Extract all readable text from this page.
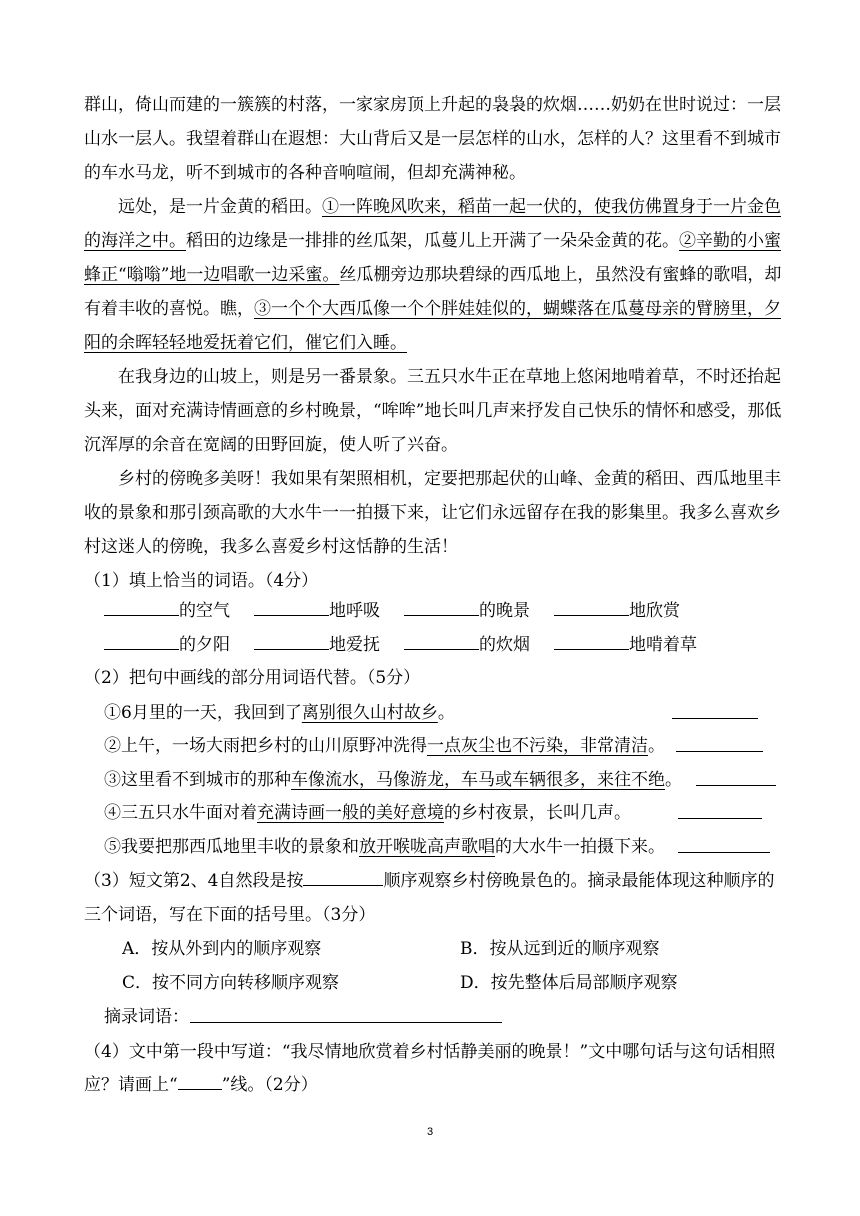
群山，倚山而建的一簇簇的村落，一家家房顶上升起的袅袅的炊烟……奶奶在世时说过：一层山水一层人。我望着群山在遐想：大山背后又是一层怎样的山水，怎样的人？这里看不到城市的车水马龙，听不到城市的各种音响喧闹，但却充满神秘。

远处，是一片金黄的稻田。①一阵晚风吹来，稻苗一起一伏的，使我仿佛置身于一片金色的海洋之中。稻田的边缘是一排排的丝瓜架，瓜蔓儿上开满了一朵朵金黄的花。②辛勤的小蜜蜂正“嗡嗡”地一边唱歌一边采蜜。丝瓜棚旁边那块碧绿的西瓜地上，虽然没有蜜蜂的歌唱，却有着丰收的喜悦。瞧，③一个个大西瓜像一个个胖娃娃似的，蝴蝶落在瓜蔓母亲的臂膀里，夕阳的余晖轻轻地爱抚着它们，催它们入睡。

在我身边的山坡上，则是另一番景象。三五只水牛正在草地上悠闲地啃着草，不时还抬起头来，面对充满诗情画意的乡村晚景，“哞哞”地长叫几声来抒发自己快乐的情怀和感受，那低沉浑厚的余音在宽阔的田野回旋，使人听了兴奋。

乡村的傍晚多美呀！我如果有架照相机，定要把那起伏的山峰、金黄的稻田、西瓜地里丰收的景象和那引颈高歌的大水牛一一拍摄下来，让它们永远留存在我的影集里。我多么喜欢乡村这迷人的傍晚，我多么喜爱乡村这恬静的生活！

（1）填上恰当的词语。（4分）
的空气	地呼吸	的晚景	地欣赏
的夕阳	地爱抚	的炊烟	地啃着草
（2）把句中画线的部分用词语代替。（5分）
①6月里的一天，我回到了离别很久山村故乡。
②上午，一场大雨把乡村的山川原野冲洗得一点灰尘也不污染，非常清洁。
③这里看不到城市的那种车像流水，马像游龙，车马或车辆很多，来往不绝。
④三五只水牛面对着充满诗画一般的美好意境的乡村夜景，长叫几声。
⑤我要把那西瓜地里丰收的景象和放开喉咙高声歌唱的大水牛一拍摄下来。
（3）短文第2、4自然段是按	顺序观察乡村傍晚景色的。摘录最能体现这种顺序的
三个词语，写在下面的括号里。（3分）
A．按从外到内的顺序观察	B．按从远到近的顺序观察
C．按不同方向转移顺序观察	D．按先整体后局部顺序观察
摘录词语：
（4）文中第一段中写道：“我尽情地欣赏着乡村恬静美丽的晚景！”文中哪句话与这句话相照
应？请画上“	”线。（2分）
3
